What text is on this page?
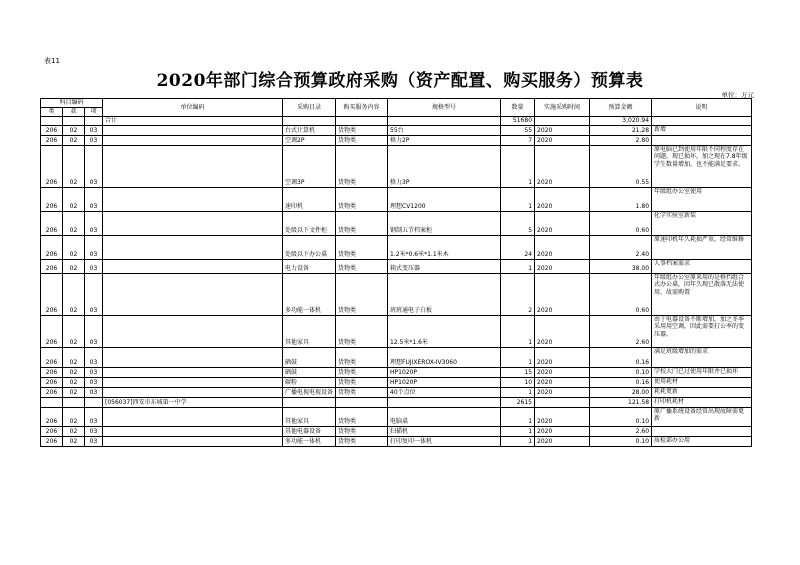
表11
2020年部门综合预算政府采购（资产配置、购买服务）预算表
单位：万元
科目编码			单位编码	采购目录	购买服务内容	规格型号	数量	实施采购时间	预算金额	说明
类	款	项								
			合计				51680		3,020.94	
206	02	03		台式计算机	货物类	55台	55	2020	21.28	新增
206	02	03		空调2P	货物类	格力2P	7	2020	2.80	
206	02	03		空调3P	货物类	格力3P	1	2020	0.55	原电脑已到使用年限不同程度存在问题，现已损坏，加之现在7.8年级学生数量增加，也不能满足要求。
206	02	03		速印机	货物类	理想CV1200	1	2020	1.80	年级组办公室使用
206	02	03		处级以下文件柜	货物类	钢制五节档案柜	5	2020	0.60	化学实验室新装
206	02	03		处级以下办公桌	货物类	1.2米*0.6米*1.1米木	24	2020	2.40	原速印机年久耗损严重，经常维修
206	02	03		电力设备	货物类	箱式变压器	1	2020	38.00	人事档案需求
206	02	03		多功能一体机	货物类	班班通电子白板	2	2020	0.60	年级组办公室原来用的是格挡组合式办公桌，因年久现已散落无法使用，故需购置
206	02	03		其他家具	货物类	12.5米*1.6米	1	2020	2.60	由于电器设备不断增加，加之冬季采用用空调，因此需要打公率的变压器。
206	02	03		硒鼓	货物类	理想FUJIXEROX-IV3060	1	2020	0.16	满足班级增加的需求
206	02	03		硒鼓	货物类	HP1020P	15	2020	0.10	学校大门已过使用年限并已损坏
206	02	03		碳粉	货物类	HP1020P	10	2020	0.16	使用耗材
206	02	03		广播电视电视设备	货物类	40个点位	1	2020	28.00	耗耗更新
			[056037]西安市东城第一中学				2615		121.58	打印机耗材
206	02	03		其他家具	货物类	电脑桌	1	2020	0.10	原广播系统设备经常出现故障需更新
206	02	03		其他电器设备	货物类	扫描机	1	2020	2.60	
206	02	03		多功能一体机	货物类	打印复印一体机	1	2020	0.10	质检部办公用
